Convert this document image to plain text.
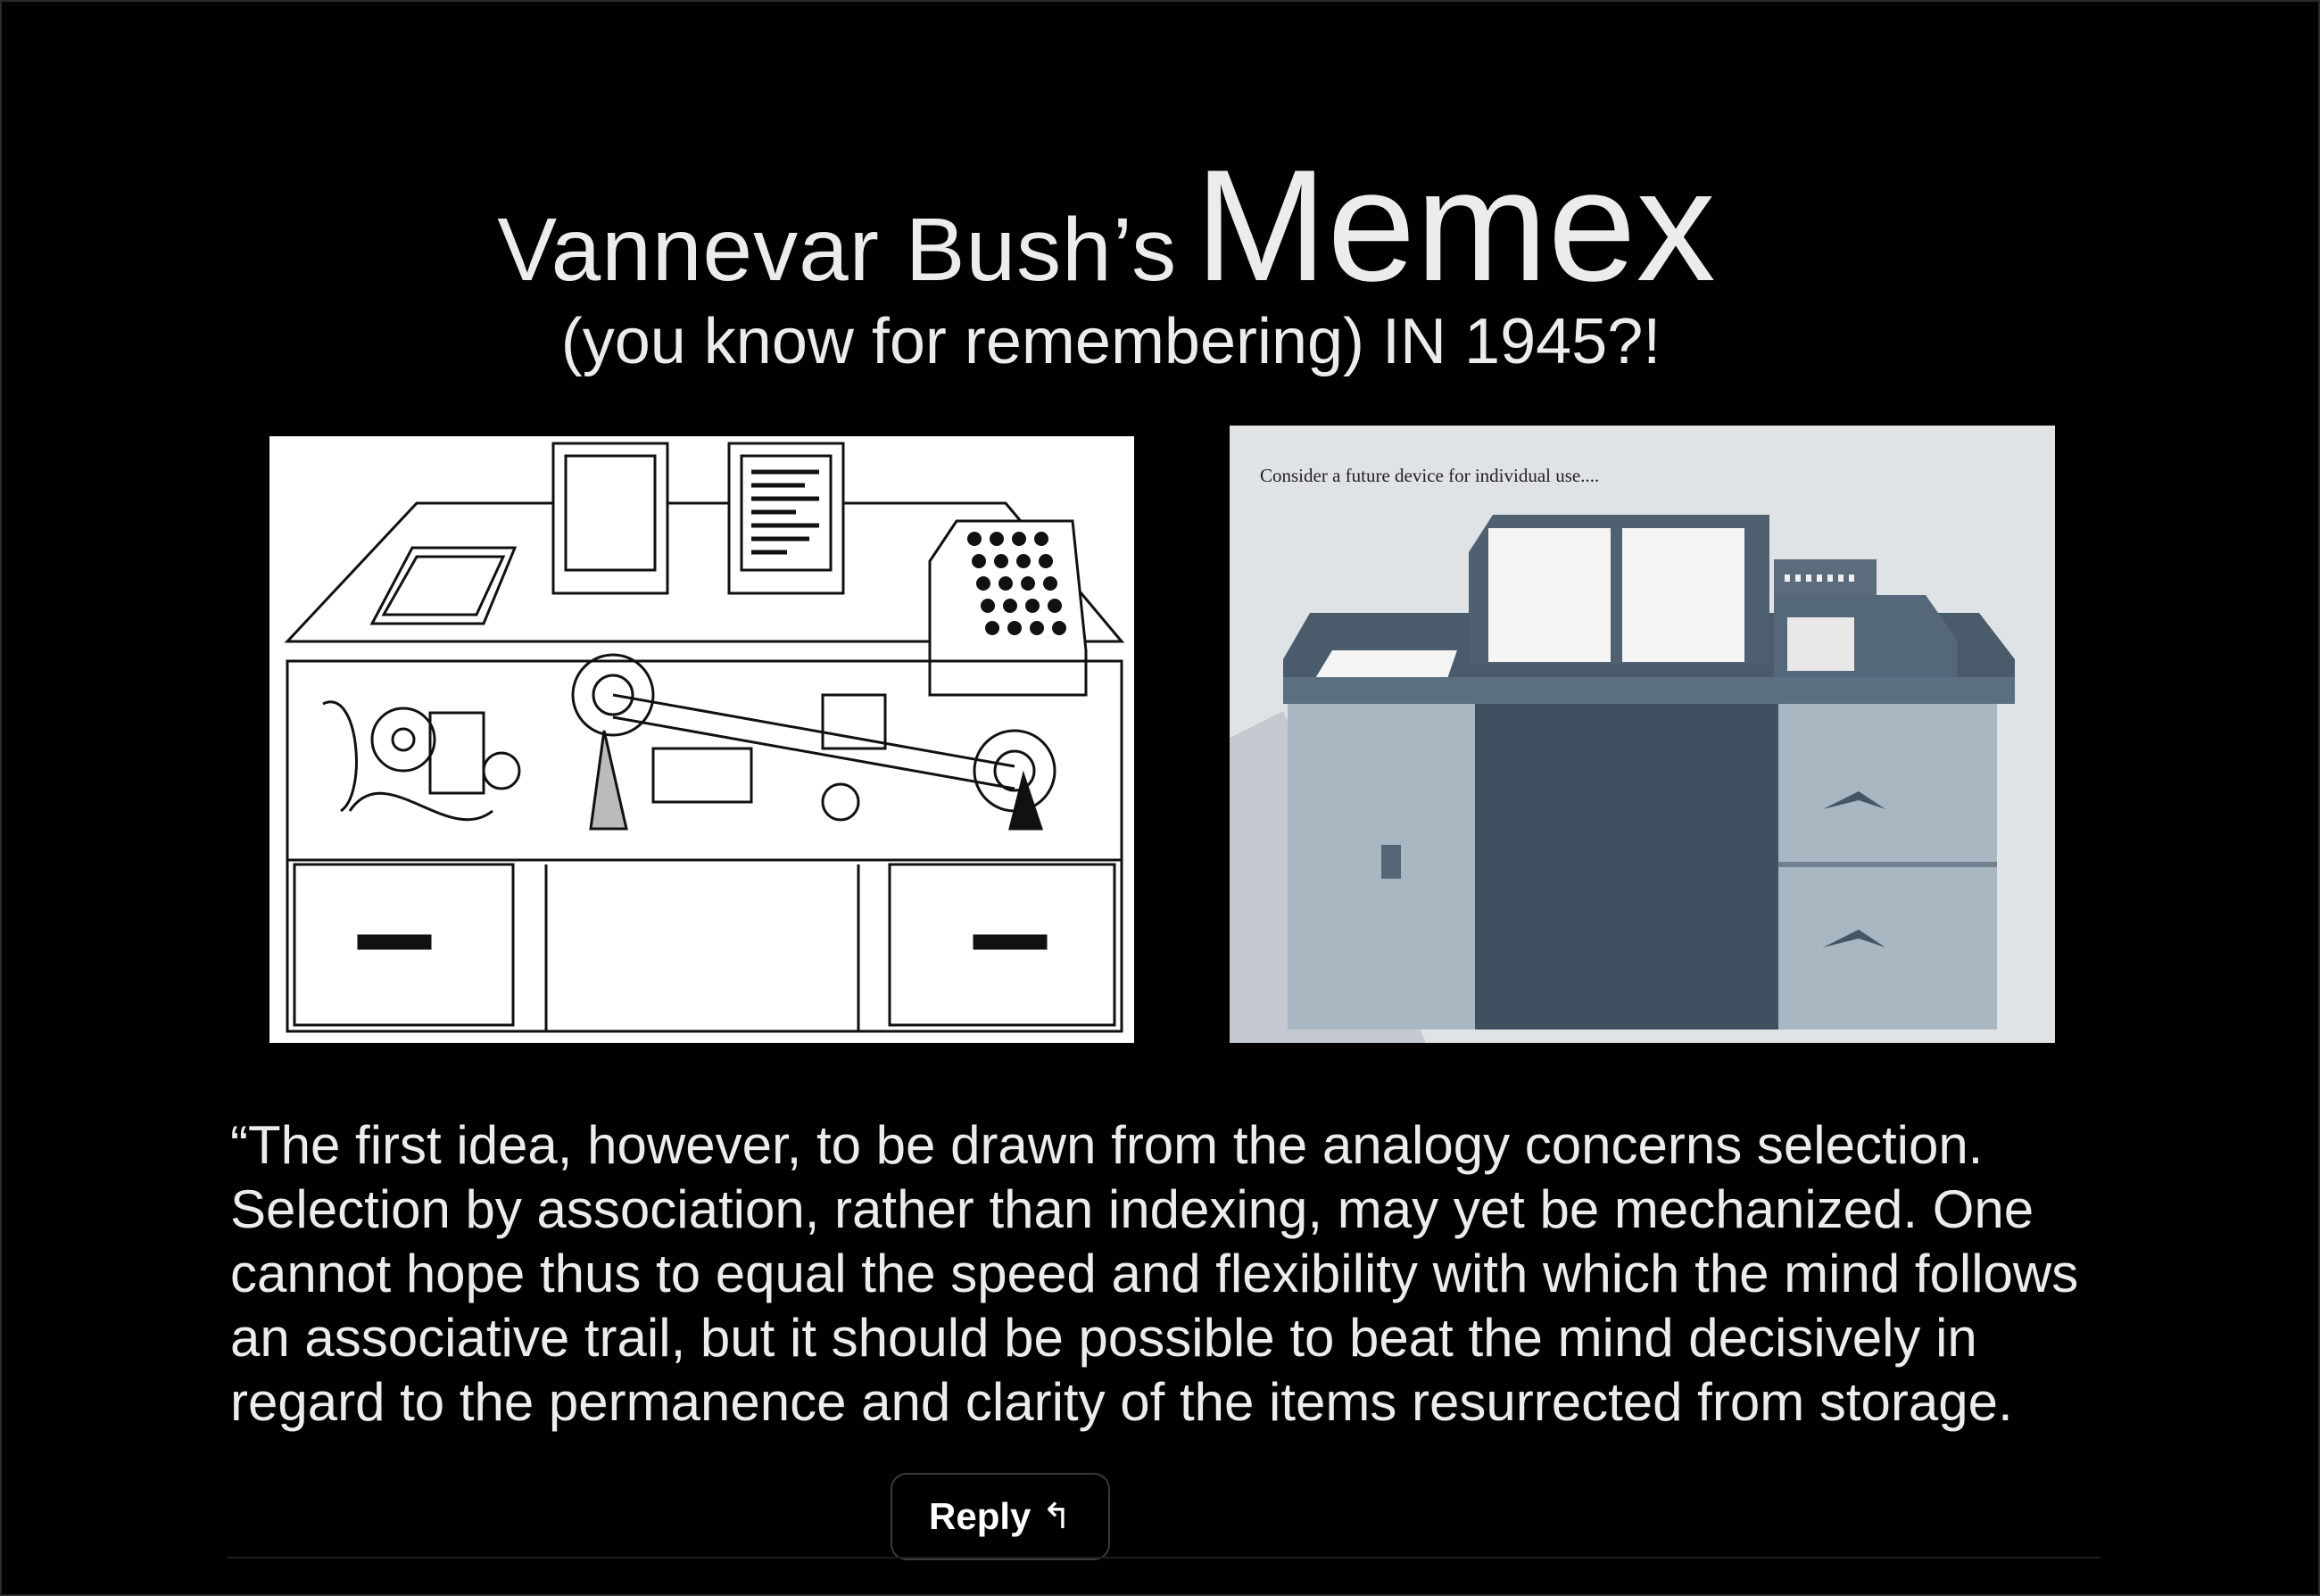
Vannevar Bush’s Memex
(you know for remembering) IN 1945?!
Consider a future device for individual use....
“The first idea, however, to be drawn from the analogy concerns selection.
Selection by association, rather than indexing, may yet be mechanized. One
cannot hope thus to equal the speed and flexibility with which the mind follows
an associative trail, but it should be possible to beat the mind decisively in
regard to the permanence and clarity of the items resurrected from storage.
Reply ↰
